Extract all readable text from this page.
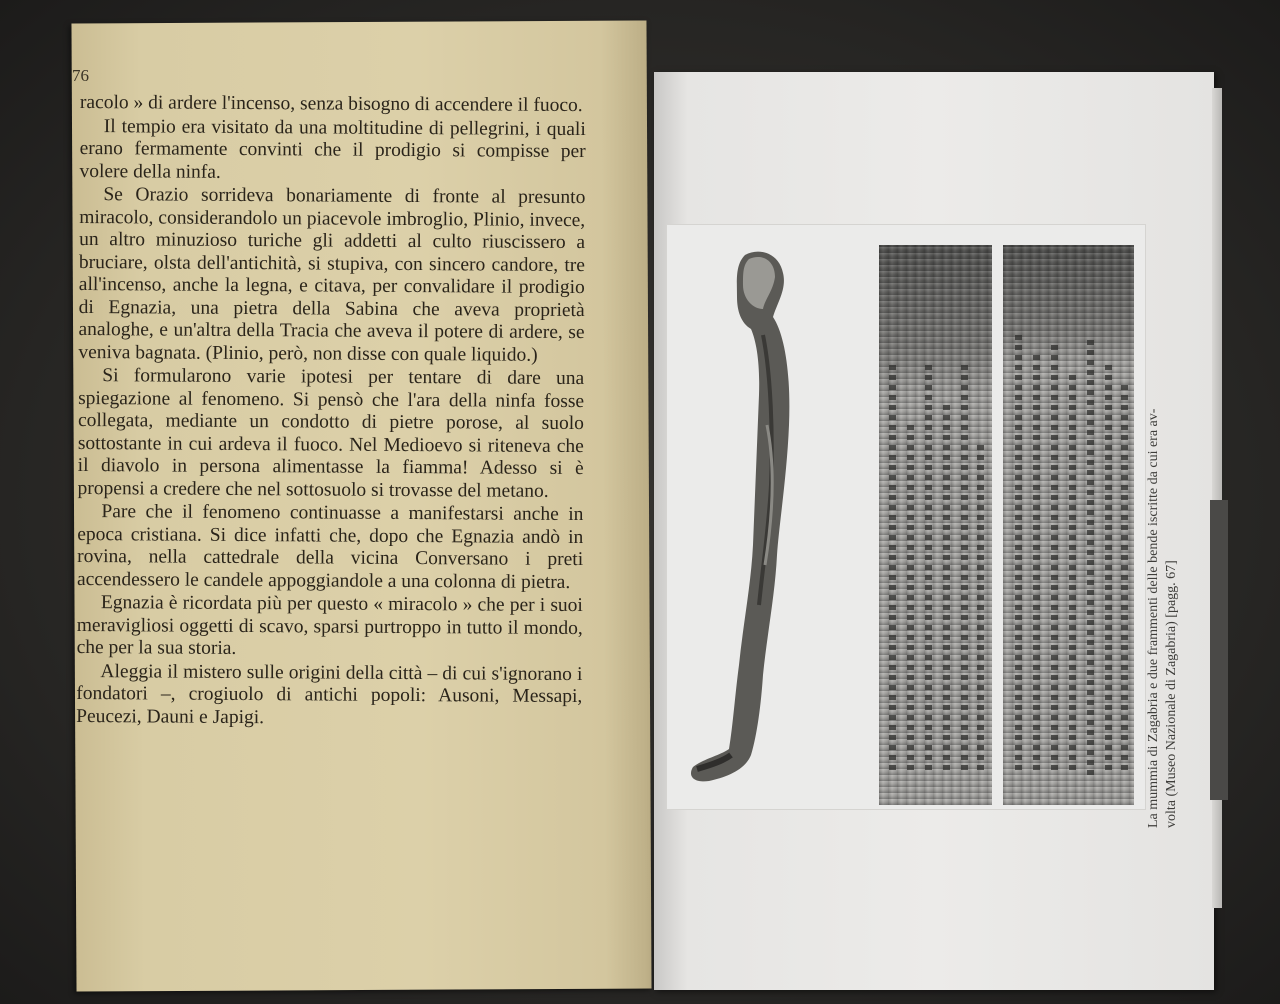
76

racolo » di ardere l'incenso, senza bisogno di accendere il fuoco.

Il tempio era visitato da una moltitudine di pellegrini, i quali erano fermamente convinti che il prodigio si compisse per volere della ninfa.

Se Orazio sorrideva bonariamente di fronte al presunto miracolo, considerandolo un piacevole imbroglio, Plinio, invece, un altro minuzioso turiche gli addetti al culto riuscissero a bruciare, olsta dell'antichità, si stupiva, con sincero candore, tre all'incenso, anche la legna, e citava, per convalidare il prodigio di Egnazia, una pietra della Sabina che aveva proprietà analoghe, e un'altra della Tracia che aveva il potere di ardere, se veniva bagnata. (Plinio, però, non disse con quale liquido.)

Si formularono varie ipotesi per tentare di dare una spiegazione al fenomeno. Si pensò che l'ara della ninfa fosse collegata, mediante un condotto di pietre porose, al suolo sottostante in cui ardeva il fuoco. Nel Medioevo si riteneva che il diavolo in persona alimentasse la fiamma! Adesso si è propensi a credere che nel sottosuolo si trovasse del metano.

Pare che il fenomeno continuasse a manifestarsi anche in epoca cristiana. Si dice infatti che, dopo che Egnazia andò in rovina, nella cattedrale della vicina Conversano i preti accendessero le candele appoggiandole a una colonna di pietra.

Egnazia è ricordata più per questo « miracolo » che per i suoi meravigliosi oggetti di scavo, sparsi purtroppo in tutto il mondo, che per la sua storia.

Aleggia il mistero sulle origini della città – di cui s'ignorano i fondatori –, crogiuolo di antichi popoli: Ausoni, Messapi, Peucezi, Dauni e Japigi.	La mummia di Zagabria e due frammenti delle bende iscritte da cui era av- volta (Museo Nazionale di Zagabria) [pagg. 67]
